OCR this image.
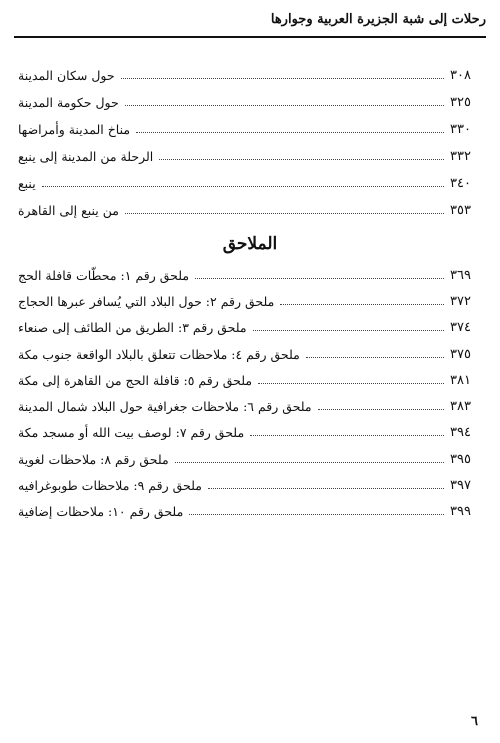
رحلات إلى شبة الجزيرة العربية وجوارها
حول سكان المدينة	٣٠٨
حول حكومة المدينة	٣٢٥
مناخ المدينة وأمراضها	٣٣٠
الرحلة من المدينة إلى ينبع	٣٣٢
ينبع	٣٤٠
من ينبع إلى القاهرة	٣٥٣
الملاحق
ملحق رقم ١: محطّات قافلة الحج	٣٦٩
ملحق رقم ٢: حول البلاد التي يُسافر عبرها الحجاج	٣٧٢
ملحق رقم ٣: الطريق من الطائف إلى صنعاء	٣٧٤
ملحق رقم ٤: ملاحظات تتعلق بالبلاد الواقعة جنوب مكة	٣٧٥
ملحق رقم ٥: قافلة الحج من القاهرة إلى مكة	٣٨١
ملحق رقم ٦: ملاحظات جغرافية حول البلاد شمال المدينة	٣٨٣
ملحق رقم ٧: لوصف بيت الله أو مسجد مكة	٣٩٤
ملحق رقم ٨: ملاحظات لغوية	٣٩٥
ملحق رقم ٩: ملاحظات طوبوغرافيه	٣٩٧
ملحق رقم ١٠: ملاحظات إضافية	٣٩٩
٦
